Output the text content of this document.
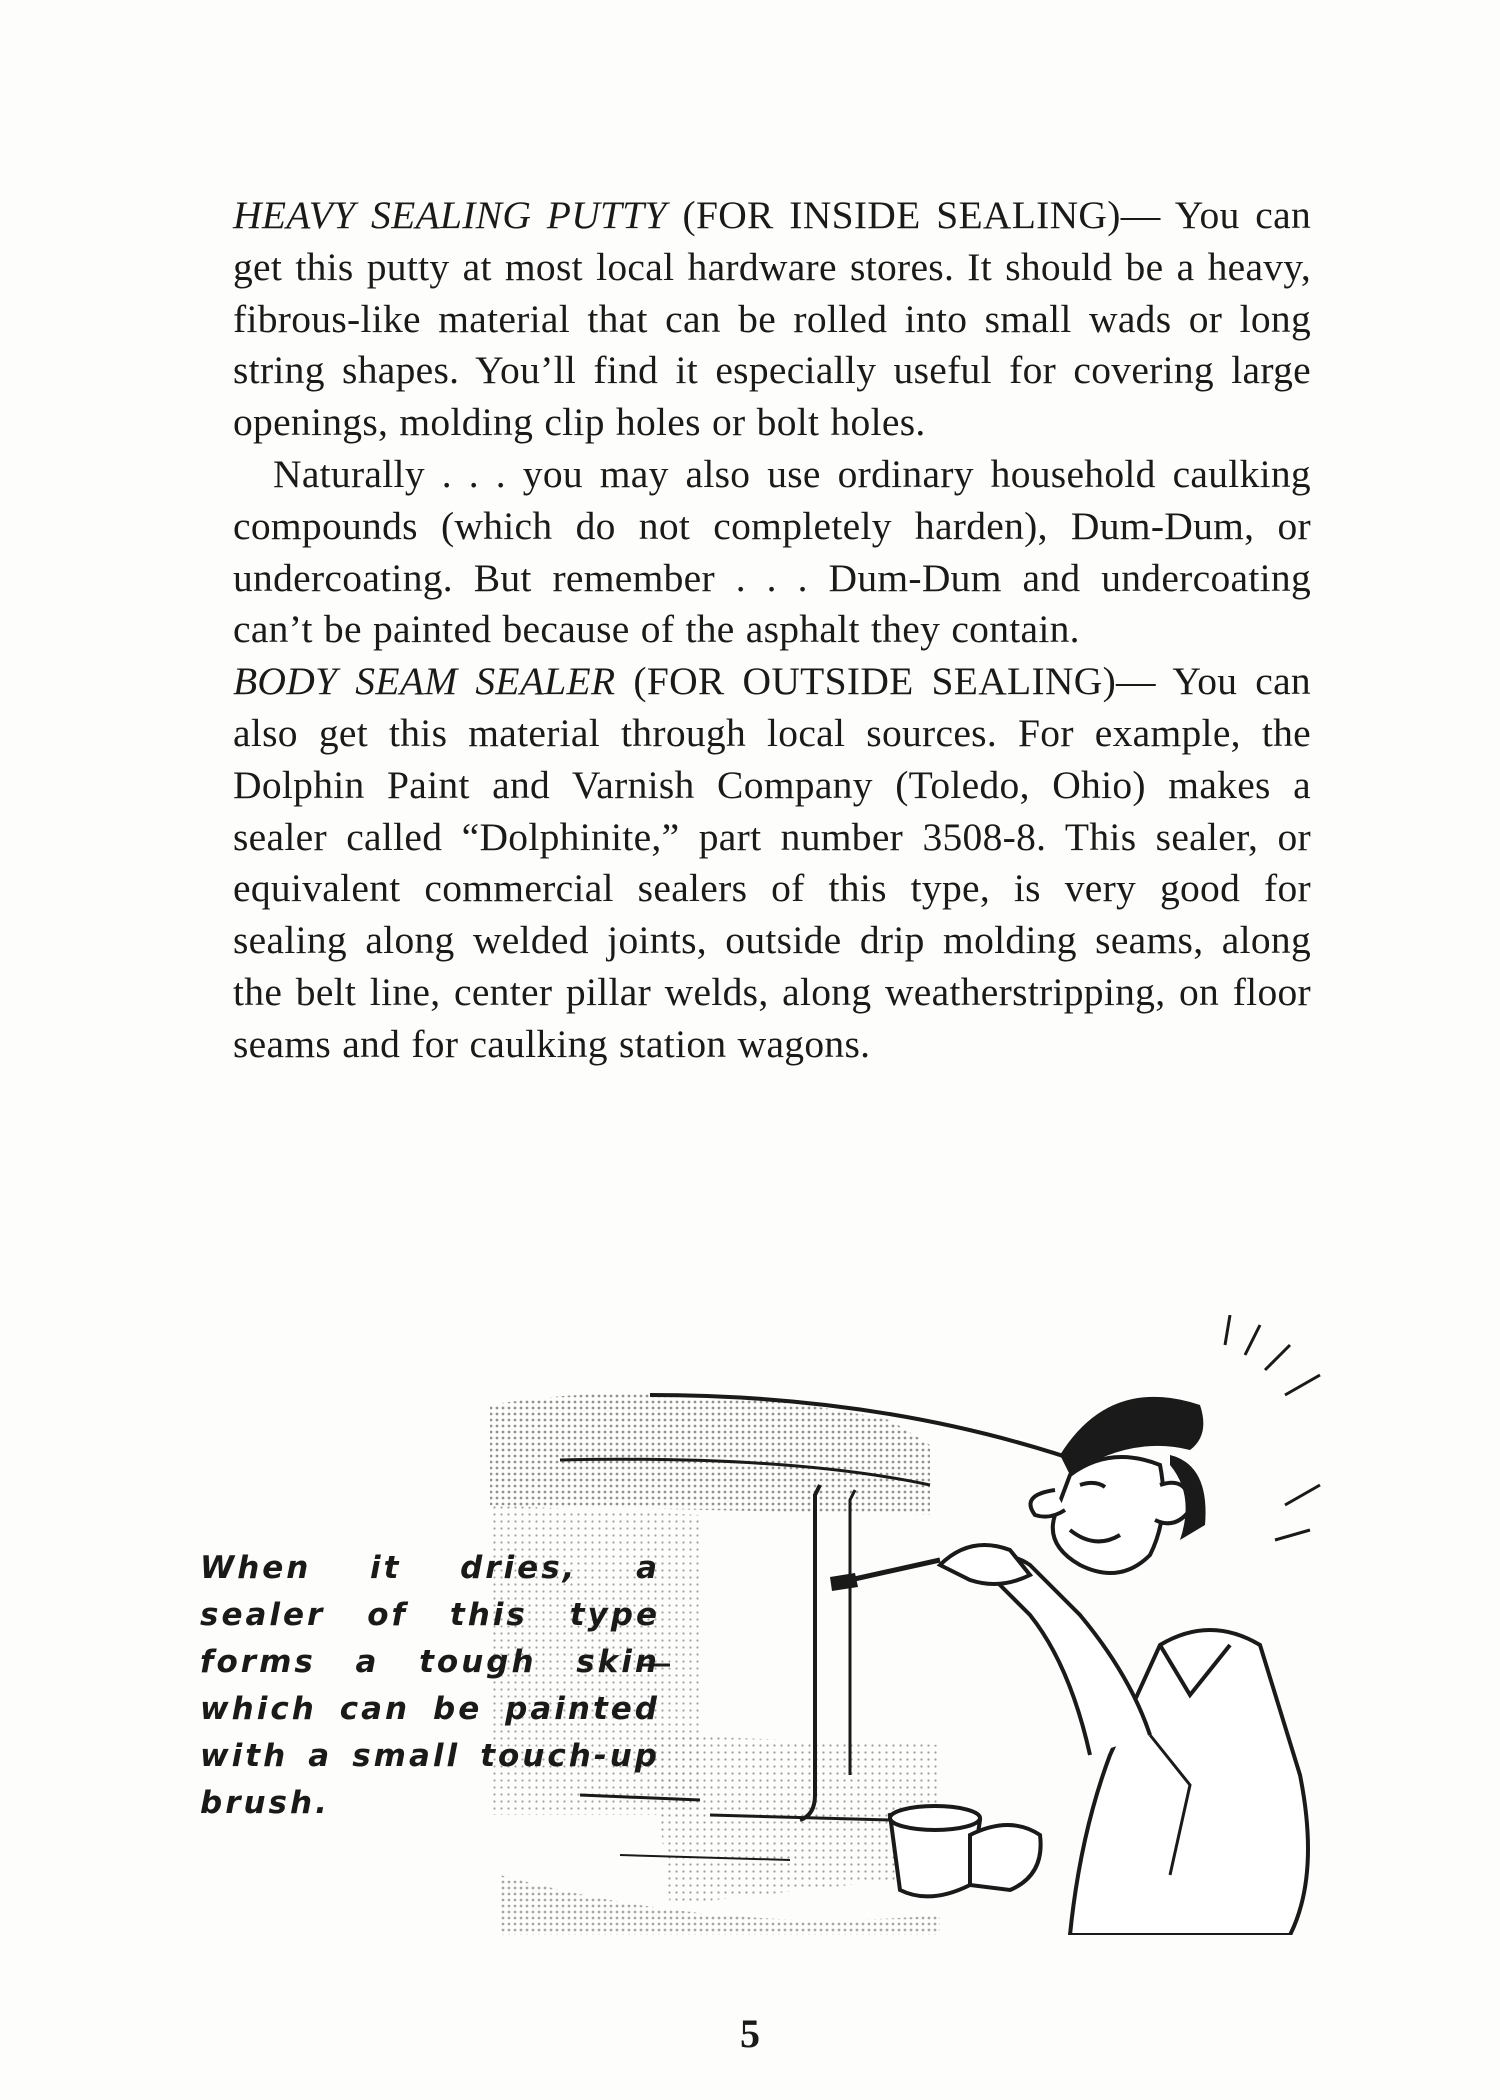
HEAVY SEALING PUTTY (FOR INSIDE SEALING)— You can get this putty at most local hardware stores. It should be a heavy, fibrous-like material that can be rolled into small wads or long string shapes. You’ll find it especially useful for covering large openings, molding clip holes or bolt holes.

Naturally . . . you may also use ordinary household caulking compounds (which do not completely harden), Dum-Dum, or undercoating. But remember . . . Dum-Dum and undercoating can’t be painted because of the asphalt they contain.

BODY SEAM SEALER (FOR OUTSIDE SEALING)— You can also get this material through local sources. For example, the Dolphin Paint and Varnish Company (Toledo, Ohio) makes a sealer called “Dolphinite,” part number 3508-8. This sealer, or equivalent commercial sealers of this type, is very good for sealing along welded joints, outside drip molding seams, along the belt line, center pillar welds, along weatherstripping, on floor seams and for caulking station wagons.

When it dries, a sealer of this type forms a tough skin which can be painted with a small touch-up brush.
5
